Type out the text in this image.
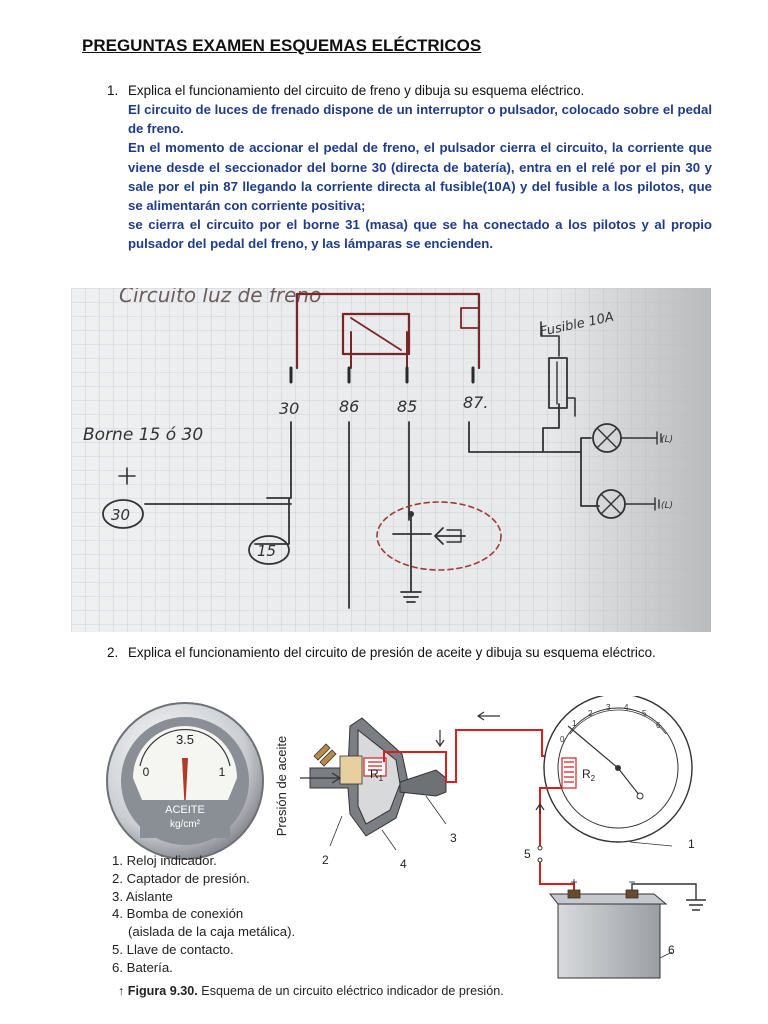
PREGUNTAS EXAMEN ESQUEMAS ELÉCTRICOS
1. Explica el funcionamiento del circuito de freno y dibuja su esquema eléctrico.

El circuito de luces de frenado dispone de un interruptor o pulsador, colocado sobre el pedal de freno.

En el momento de accionar el pedal de freno, el pulsador cierra el circuito, la corriente que viene desde el seccionador del borne 30 (directa de batería), entra en el relé por el pin 30 y sale por el pin 87 llegando la corriente directa al fusible(10A) y del fusible a los pilotos, que se alimentarán con corriente positiva;

se cierra el circuito por el borne 31 (masa) que se ha conectado a los pilotos y al propio pulsador del pedal del freno, y las lámparas se encienden.

Circuito luz de freno
30 86 85	87.
Borne 15 ó 30
30
15
Fusible 10A
(L)
(L)
2. Explica el funcionamiento del circuito de presión de aceite y dibuja su esquema eléctrico.
3.5
0	1
ACEITE
kg/cm²	Presión de aceite	$R_1$
0
1
2
3 4
5
6
$R_2$
+	−
1
2
3
4
5
6
1. Reloj indicador.
2. Captador de presión.
3. Aislante
4. Bomba de conexión
(aislada de la caja metálica).
5. Llave de contacto.
6. Batería.
↑ Figura 9.30. Esquema de un circuito eléctrico indicador de presión.
